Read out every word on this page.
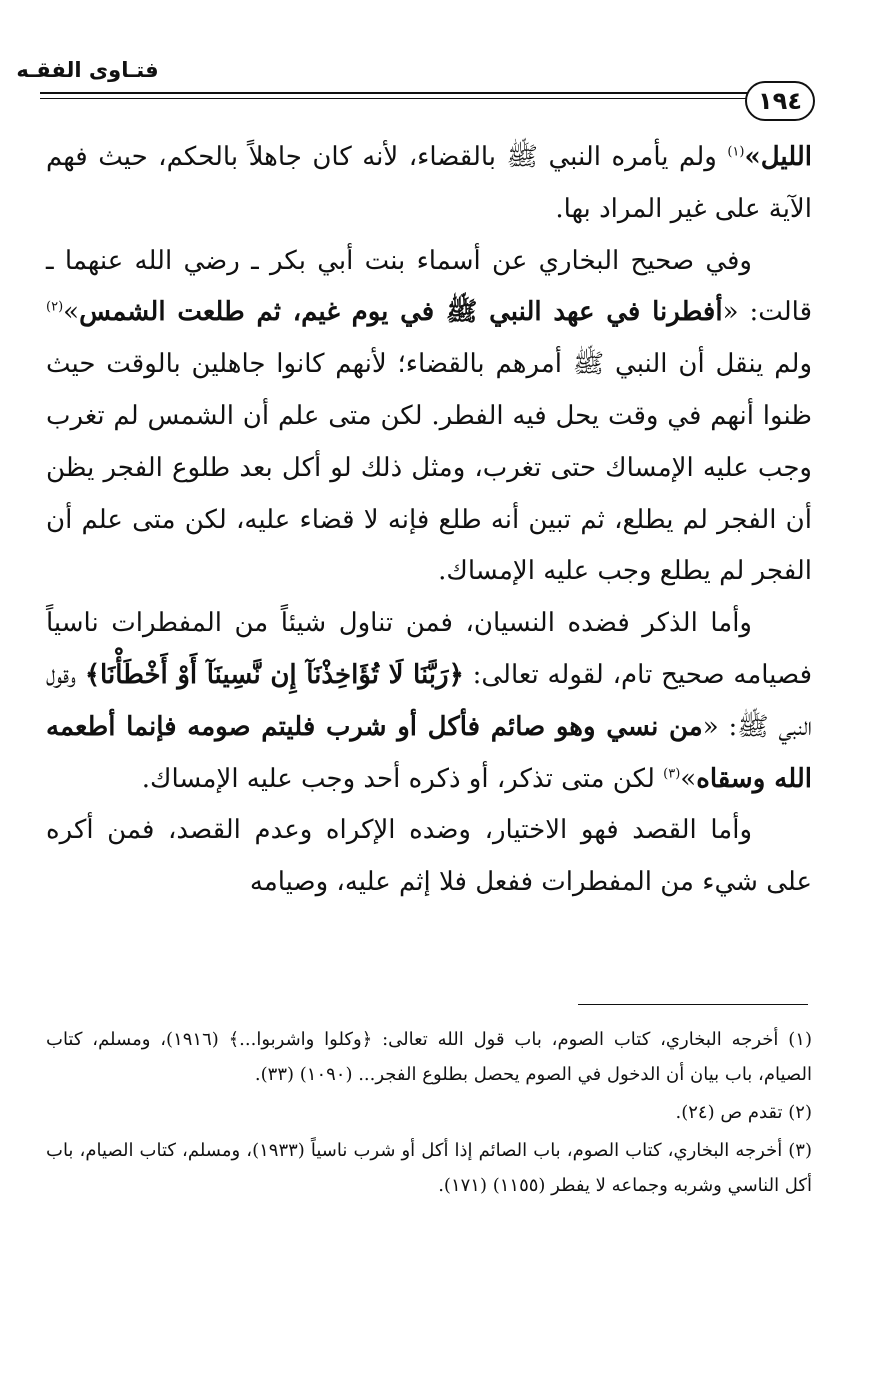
فتـاوى الفقـه
١٩٤

الليل»$^{(١)}$ ولم يأمره النبي ﷺ بالقضاء، لأنه كان جاهلاً بالحكم، حيث فهم الآية على غير المراد بها.

وفي صحيح البخاري عن أسماء بنت أبي بكر ـ رضي الله عنهما ـ قالت: «أفطرنا في عهد النبي ﷺ في يوم غيم، ثم طلعت الشمس»$^{(٢)}$ ولم ينقل أن النبي ﷺ أمرهم بالقضاء؛ لأنهم كانوا جاهلين بالوقت حيث ظنوا أنهم في وقت يحل فيه الفطر. لكن متى علم أن الشمس لم تغرب وجب عليه الإمساك حتى تغرب، ومثل ذلك لو أكل بعد طلوع الفجر يظن أن الفجر لم يطلع، ثم تبين أنه طلع فإنه لا قضاء عليه، لكن متى علم أن الفجر لم يطلع وجب عليه الإمساك.

وأما الذكر فضده النسيان، فمن تناول شيئاً من المفطرات ناسياً فصيامه صحيح تام، لقوله تعالى: ﴿رَبَّنَا لَا تُؤَاخِذْنَآ إِن نَّسِينَآ أَوْ أَخْطَأْنَا﴾ وقول النبي ﷺ: «من نسي وهو صائم فأكل أو شرب فليتم صومه فإنما أطعمه الله وسقاه»$^{(٣)}$ لكن متى تذكر، أو ذكره أحد وجب عليه الإمساك.

وأما القصد فهو الاختيار، وضده الإكراه وعدم القصد، فمن أكره على شيء من المفطرات ففعل فلا إثم عليه، وصيامه

(١) أخرجه البخاري، كتاب الصوم، باب قول الله تعالى: ﴿وكلوا واشربوا...﴾ (١٩١٦)، ومسلم، كتاب الصيام، باب بيان أن الدخول في الصوم يحصل بطلوع الفجر... (١٠٩٠) (٣٣).

(٢) تقدم ص (٢٤).

(٣) أخرجه البخاري، كتاب الصوم، باب الصائم إذا أكل أو شرب ناسياً (١٩٣٣)، ومسلم، كتاب الصيام، باب أكل الناسي وشربه وجماعه لا يفطر (١١٥٥) (١٧١).
